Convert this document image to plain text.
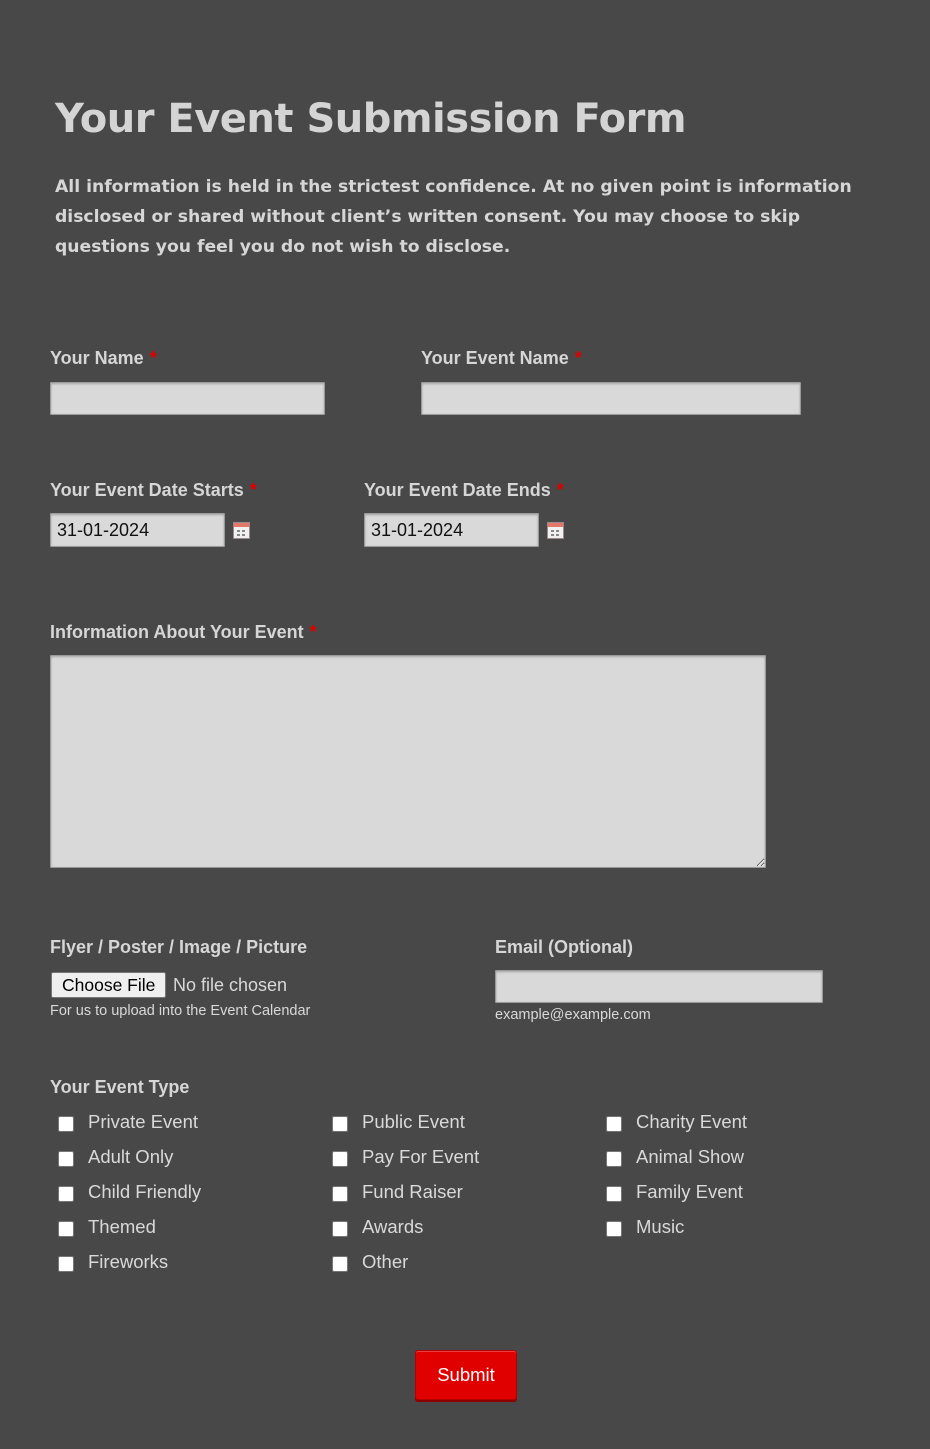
Your Event Submission Form

All information is held in the strictest confidence. At no given point is information disclosed or shared without client’s written consent. You may choose to skip questions you feel you do not wish to disclose.

Your Name *	Your Event Name *
Your Event Date Starts *
31-01-2024	Your Event Date Ends *
31-01-2024
Information About Your Event *
Flyer / Poster / Image / Picture
Choose File No file chosen
For us to upload into the Event Calendar
Email (Optional)
example@example.com
Your Event Type
Private Event
Adult Only
Child Friendly
Themed
Fireworks
Public Event
Pay For Event
Fund Raiser
Awards
Other
Charity Event
Animal Show
Family Event
Music
Submit
